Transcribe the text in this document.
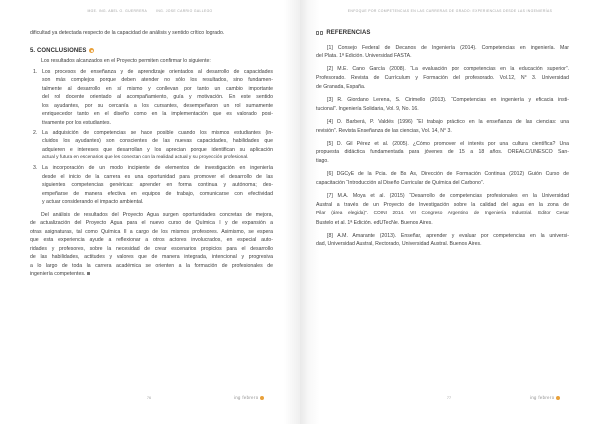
MGE. ING. ABEL O. GUERRERA	ING. JOSE CARRIO GALLEGO
dificultad ya detectada respecto de la capacidad de análisis y sentido crítico logrado.
5. CONCLUSIONES
Los resultados alcanzados en el Proyecto permiten confirmar lo siguiente:
1. Los procesos de enseñanza y de aprendizaje orientados al desarrollo de capacidades
son más complejos porque deben atender no sólo los resultados, sino fundamen-
talmente al desarrollo en sí mismo y conllevan por tanto un cambio importante
del rol docente orientado al acompañamiento, guía y motivación. En este sentido
los ayudantes, por su cercanía a los cursantes, desempeñaron un rol sumamente
enriquecedor tanto en el diseño como en la implementación que es valorado posi-
tivamente por los estudiantes.
2. La adquisición de competencias se hace posible cuando los mismos estudiantes (in-
cluidos los ayudantes) son conscientes de las nuevas capacidades, habilidades que
adquieren e intereses que desarrollan y los aprecian porque identifican su aplicación
actual y futura en escenarios que les conectan con la realidad actual y su proyección profesional.
3. La incorporación de un modo incipiente de elementos de investigación en ingeniería
desde el inicio de la carrera es una oportunidad para promover el desarrollo de las
siguientes competencias genéricas: aprender en forma continua y autónoma; des-
empeñarse de manera efectiva en equipos de trabajo, comunicarse con efectividad
y actuar considerando el impacto ambiental.
Del análisis de resultados del Proyecto Agua surgen oportunidades concretas de mejora,
de actualización del Proyecto Agua para el nuevo curso de Química I y de expansión a
otras asignaturas, tal como Química II a cargo de los mismos profesores. Asimismo, se espera
que esta experiencia ayude a reflexionar a otros actores involucrados, en especial auto-
ridades y profesores, sobre la necesidad de crear escenarios propicios para el desarrollo
de las habilidades, actitudes y valores que de manera integrada, intencional y progresiva
a lo largo de toda la carrera académica se orienten a la formación de profesionales de
ingeniería competentes.
76	ing febrero
ENFOQUE POR COMPETENCIAS EN LAS CARRERAS DE GRADO: EXPERIENCIAS DESDE LAS INGENIERÍAS
REFERENCIAS
[1] Consejo Federal de Decanos de Ingeniería (2014). Competencias en ingeniería. Mar
del Plata. 1ª Edición. Universidad FASTA.
[2] M.E. Cano García (2008). “La evaluación por competencias en la educación superior”.
Profesorado. Revista de Currículum y Formación del profesorado. Vol.12, N° 3. Universidad
de Granada, España.
[3] R. Giordano Lerena, S. Cirimello (2013). “Competencias en ingeniería y eficacia insti-
tucional”. Ingeniería Solidaria, Vol. 9, No. 16.
[4] O. Barberá, P. Valdés (1996) “El trabajo práctico en la enseñanza de las ciencias: una
revisión”. Revista Enseñanza de las ciencias, Vol. 14, N° 3.
[5] D. Gil Pérez et al. (2005). ¿Cómo promover el interés por una cultura científica? Una
propuesta didáctica fundamentada para jóvenes de 15 a 18 años. OREALC/UNESCO San-
tiago.
[6] DGCyE de la Pcia. de Bs As, Dirección de Formación Continua (2012) Guión Curso de
capacitación “Introducción al Diseño Curricular de Química del Carbono”.
[7] M.A. Moya et al. (2015) “Desarrollo de competencias profesionales en la Universidad
Austral a través de un Proyecto de Investigación sobre la calidad del agua en la zona de
Pilar (área elegida)”. COINI 2014. VII Congreso Argentino de Ingeniería Industrial. Editor Cesar
Bustelo et al. 1ª Edición. edUTecNe. Buenos Aires.
[8] A.M. Amarante (2013). Enseñar, aprender y evaluar por competencias en la universi-
dad, Universidad Austral, Rectorado, Universidad Austral. Buenos Aires.
77	ing febrero
